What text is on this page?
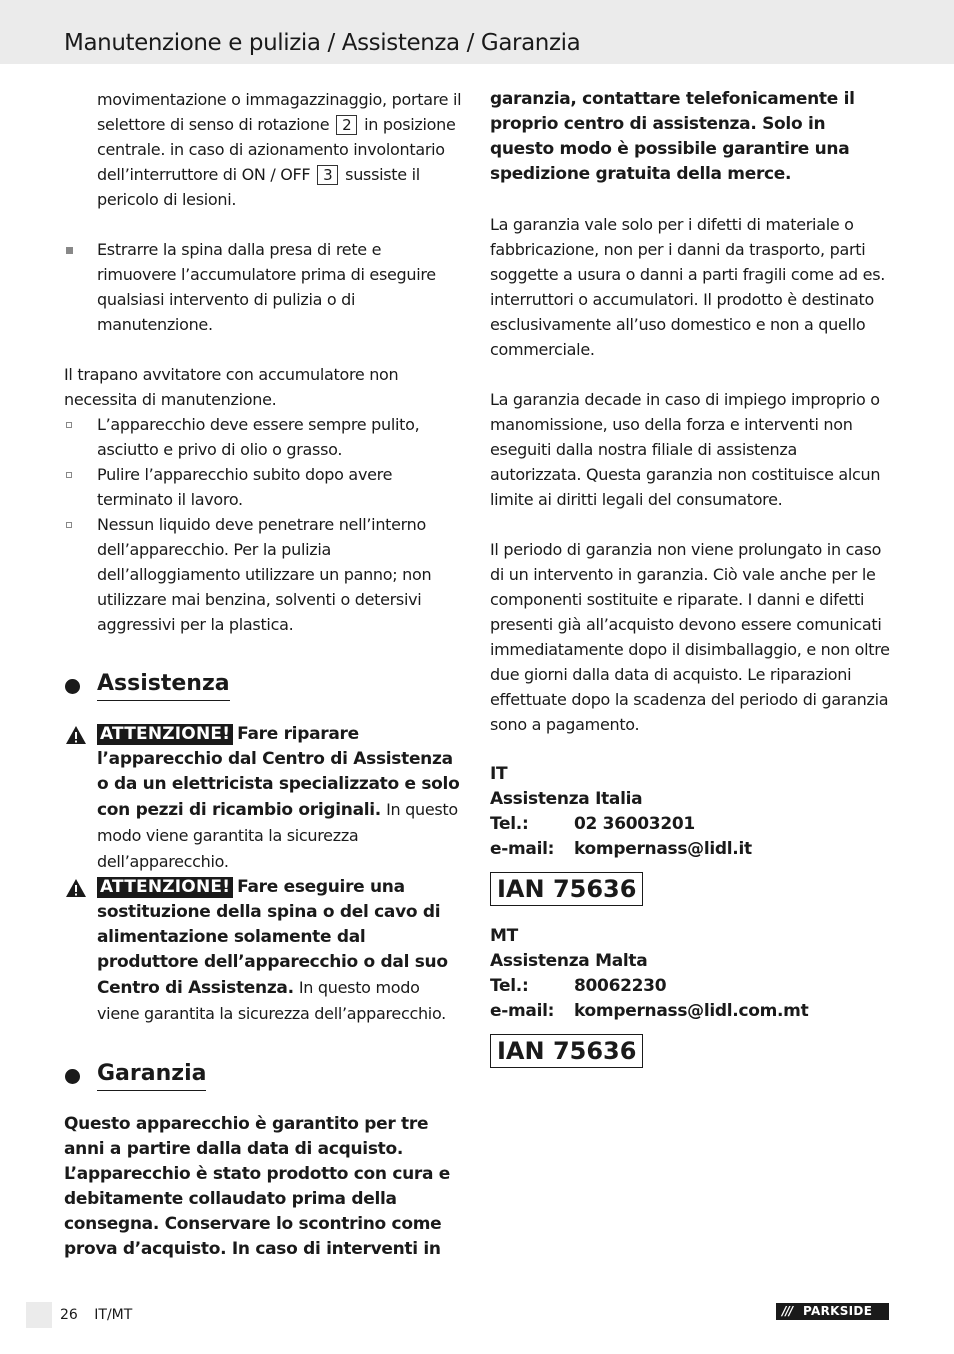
Manutenzione e pulizia / Assistenza / Garanzia

movimentazione o immagazzinaggio, portare il selettore di senso di rotazione 2 in posizione centrale. in caso di azionamento involontario dell’interruttore di ON / OFF 3 sussiste il pericolo di lesioni.

Estrarre la spina dalla presa di rete e rimuovere l’accumulatore prima di eseguire qualsiasi intervento di pulizia o di manutenzione.

Il trapano avvitatore con accumulatore non necessita di manutenzione.

L’apparecchio deve essere sempre pulito, asciutto e privo di olio o grasso.
Pulire l’apparecchio subito dopo avere terminato il lavoro.
Nessun liquido deve penetrare nell’interno dell’apparecchio. Per la pulizia dell’alloggiamento utilizzare un panno; non utilizzare mai benzina, solventi o detersivi aggressivi per la plastica.
Assistenza
ATTENZIONE! Fare riparare l’apparecchio dal Centro di Assistenza o da un elettricista specializzato e solo con pezzi di ricambio originali. In questo modo viene garantita la sicurezza dell’apparecchio.
ATTENZIONE! Fare eseguire una sostituzione della spina o del cavo di alimentazione solamente dal produttore dell’apparecchio o dal suo Centro di Assistenza. In questo modo viene garantita la sicurezza dell’apparecchio.
Garanzia

Questo apparecchio è garantito per tre anni a partire dalla data di acquisto. L’apparecchio è stato prodotto con cura e debitamente collaudato prima della consegna. Conservare lo scontrino come prova d’acquisto. In caso di interventi in

garanzia, contattare telefonicamente il proprio centro di assistenza. Solo in questo modo è possibile garantire una spedizione gratuita della merce.

La garanzia vale solo per i difetti di materiale o fabbricazione, non per i danni da trasporto, parti soggette a usura o danni a parti fragili come ad es. interruttori o accumulatori. Il prodotto è destinato esclusivamente all’uso domestico e non a quello commerciale.

La garanzia decade in caso di impiego improprio o manomissione, uso della forza e interventi non eseguiti dalla nostra filiale di assistenza autorizzata. Questa garanzia non costituisce alcun limite ai diritti legali del consumatore.

Il periodo di garanzia non viene prolungato in caso di un intervento in garanzia. Ciò vale anche per le componenti sostituite e riparate. I danni e difetti presenti già all’acquisto devono essere comunicati immediatamente dopo il disimballaggio, e non oltre due giorni dalla data di acquisto. Le riparazioni effettuate dopo la scadenza del periodo di garanzia sono a pagamento.

IT
Assistenza Italia
Tel.:	02 36003201
e-mail: kompernass@lidl.it
IAN 75636
MT
Assistenza Malta
Tel.:	80062230
e-mail: kompernass@lidl.com.mt
IAN 75636
26 IT/MT	/// PARKSIDE
